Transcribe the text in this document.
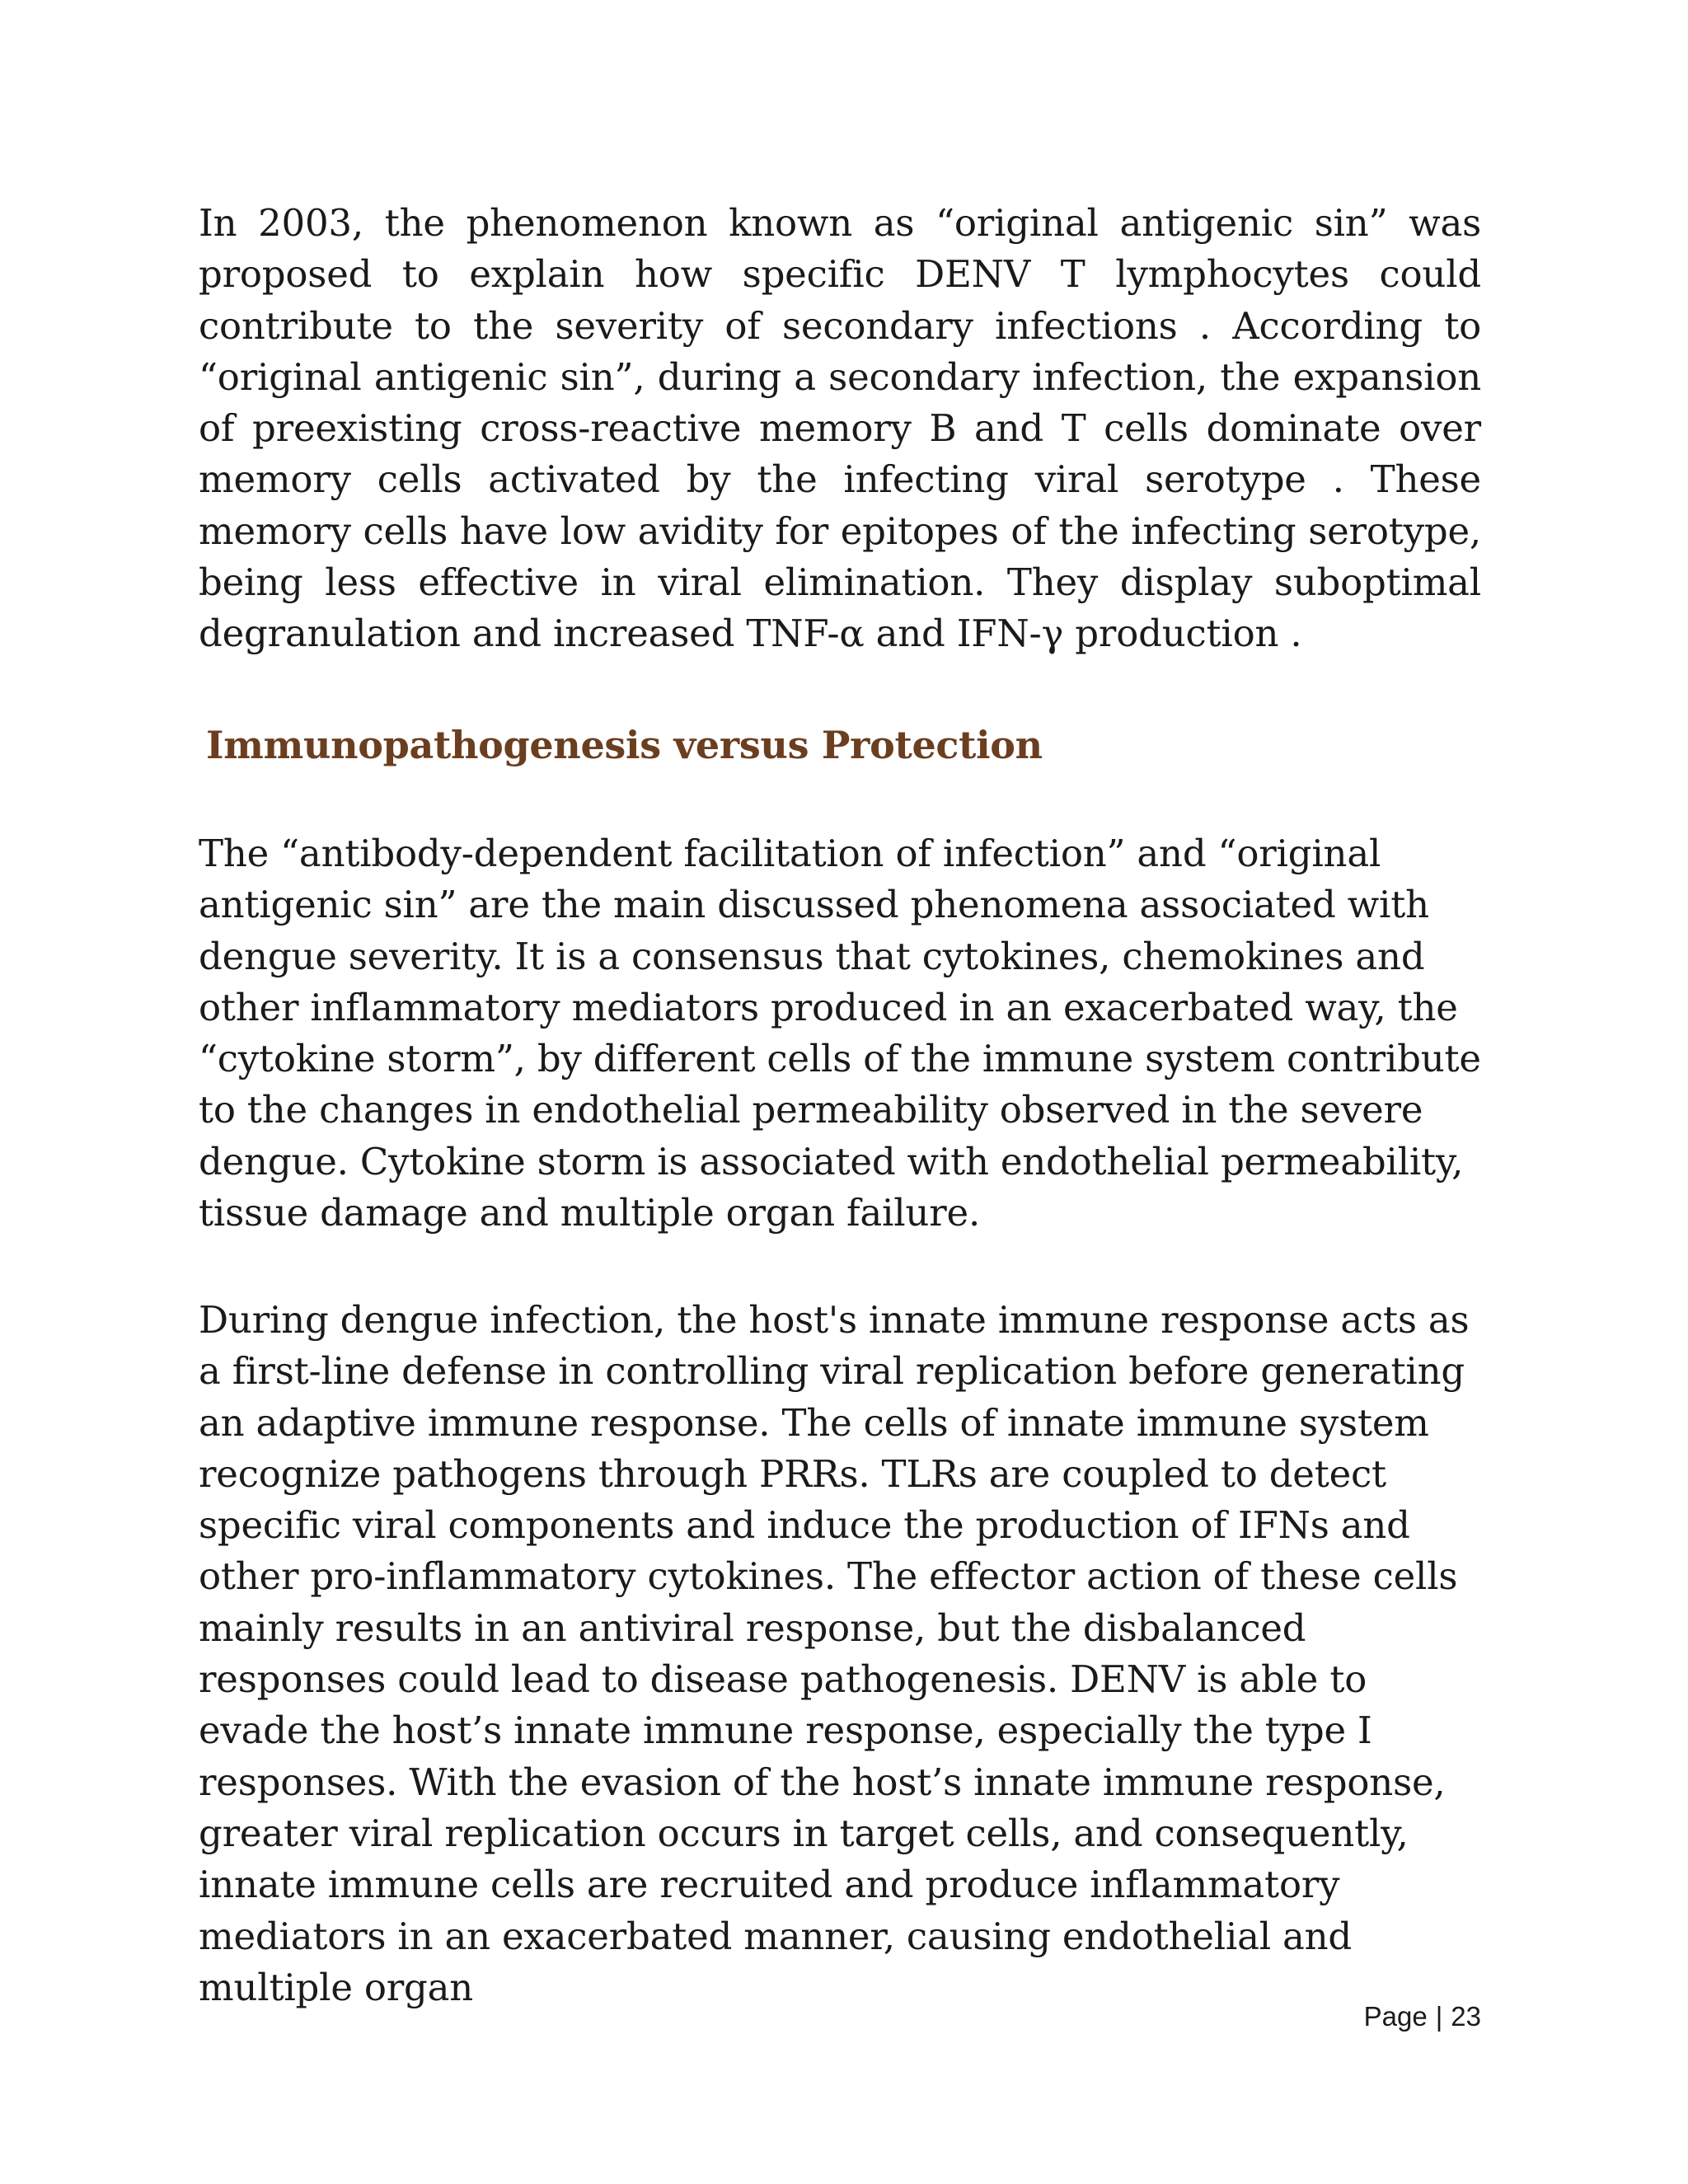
In 2003, the phenomenon known as “original antigenic sin” was proposed to explain how specific DENV T lymphocytes could contribute to the severity of secondary infections . According to “original antigenic sin”, during a secondary infection, the expansion of preexisting cross-reactive memory B and T cells dominate over memory cells activated by the infecting viral serotype . These memory cells have low avidity for epitopes of the infecting serotype, being less effective in viral elimination. They display suboptimal degranulation and increased TNF-α and IFN-γ production .

Immunopathogenesis versus Protection

The “antibody-dependent facilitation of infection” and “original antigenic sin” are the main discussed phenomena associated with dengue severity. It is a consensus that cytokines, chemokines and other inflammatory mediators produced in an exacerbated way, the “cytokine storm”, by different cells of the immune system contribute to the changes in endothelial permeability observed in the severe dengue. Cytokine storm is associated with endothelial permeability, tissue damage and multiple organ failure.

During dengue infection, the host's innate immune response acts as a first-line defense in controlling viral replication before generating an adaptive immune response. The cells of innate immune system recognize pathogens through PRRs. TLRs are coupled to detect specific viral components and induce the production of IFNs and other pro-inflammatory cytokines. The effector action of these cells mainly results in an antiviral response, but the disbalanced responses could lead to disease pathogenesis. DENV is able to evade the host’s innate immune response, especially the type I responses. With the evasion of the host’s innate immune response, greater viral replication occurs in target cells, and consequently, innate immune cells are recruited and produce inflammatory mediators in an exacerbated manner, causing endothelial and multiple organ

Page | 23
